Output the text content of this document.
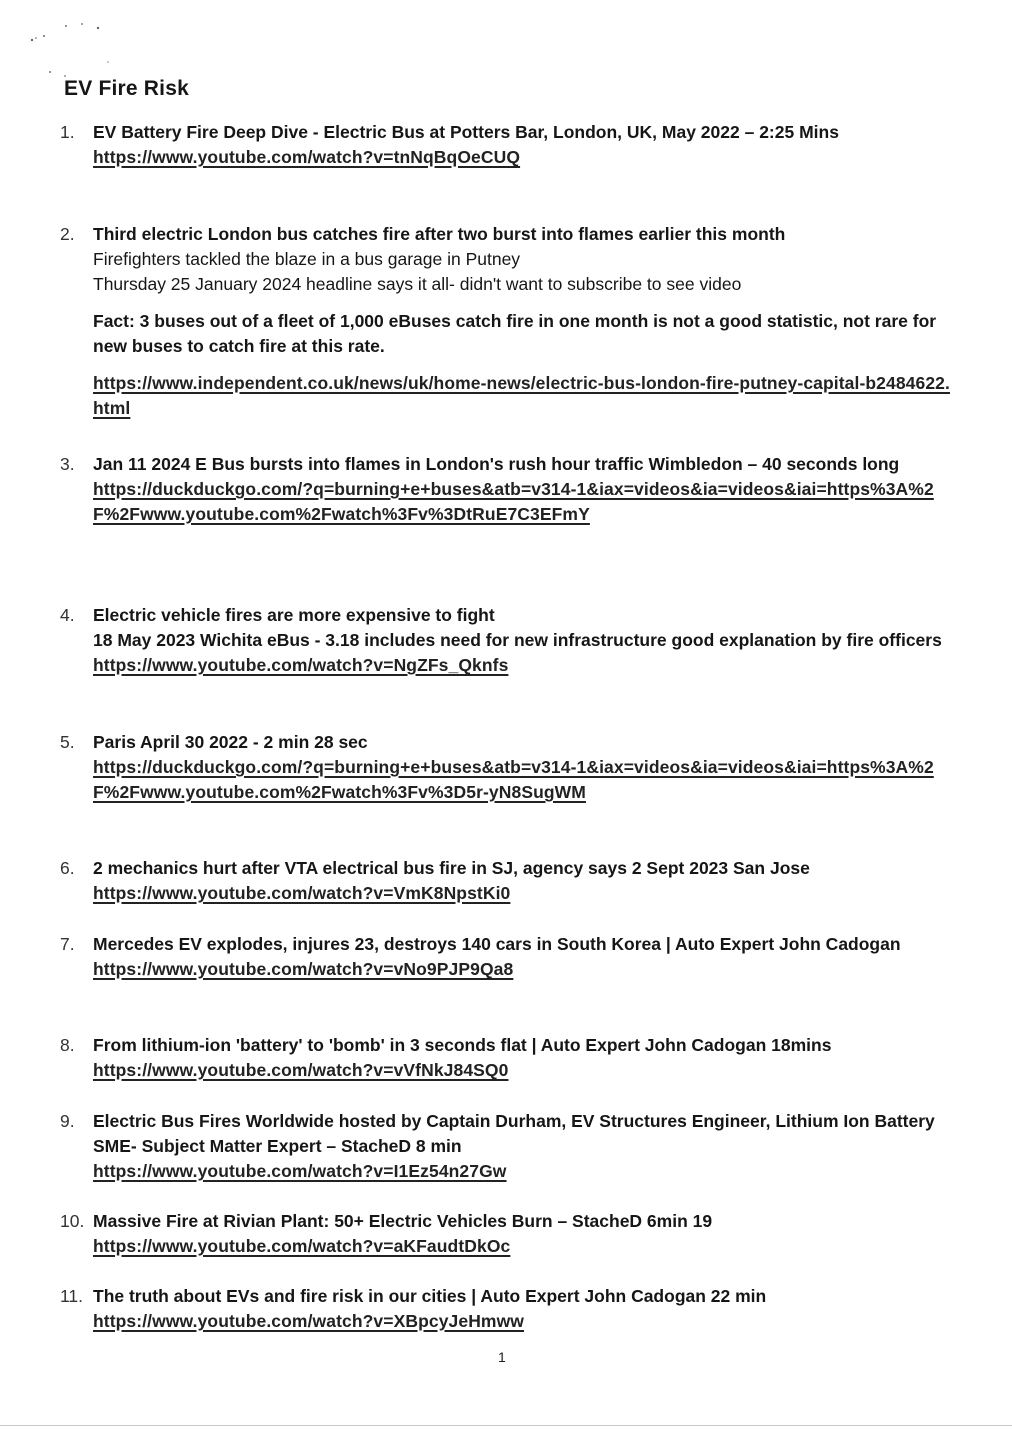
EV Fire Risk
1.	EV Battery Fire Deep Dive - Electric Bus at Potters Bar, London, UK, May 2022 – 2:25 Mins

https://www.youtube.com/watch?v=tnNqBqOeCUQ
2.	Third electric London bus catches fire after two burst into flames earlier this month

Firefighters tackled the blaze in a bus garage in Putney

Thursday 25 January 2024 headline says it all- didn't want to subscribe to see video

Fact: 3 buses out of a fleet of 1,000 eBuses catch fire in one month is not a good statistic, not rare for new buses to catch fire at this rate.

https://www.independent.co.uk/news/uk/home-news/electric-bus-london-fire-putney-capital-b2484622.html
3.	Jan 11 2024 E Bus bursts into flames in London's rush hour traffic Wimbledon – 40 seconds long

https://duckduckgo.com/?q=burning+e+buses&atb=v314-1&iax=videos&ia=videos&iai=https%3A%2F%2Fwww.youtube.com%2Fwatch%3Fv%3DtRuE7C3EFmY
4.	Electric vehicle fires are more expensive to fight

18 May 2023 Wichita eBus - 3.18 includes need for new infrastructure good explanation by fire officers

https://www.youtube.com/watch?v=NgZFs_Qknfs
5.	Paris April 30 2022 - 2 min 28 sec

https://duckduckgo.com/?q=burning+e+buses&atb=v314-1&iax=videos&ia=videos&iai=https%3A%2F%2Fwww.youtube.com%2Fwatch%3Fv%3D5r-yN8SugWM
6.	2 mechanics hurt after VTA electrical bus fire in SJ, agency says 2 Sept 2023 San Jose

https://www.youtube.com/watch?v=VmK8NpstKi0
7.	Mercedes EV explodes, injures 23, destroys 140 cars in South Korea | Auto Expert John Cadogan

https://www.youtube.com/watch?v=vNo9PJP9Qa8
8.	From lithium-ion 'battery' to 'bomb' in 3 seconds flat | Auto Expert John Cadogan 18mins

https://www.youtube.com/watch?v=vVfNkJ84SQ0
9.	Electric Bus Fires Worldwide hosted by Captain Durham, EV Structures Engineer, Lithium Ion Battery SME- Subject Matter Expert – StacheD 8 min

https://www.youtube.com/watch?v=I1Ez54n27Gw
10. Massive Fire at Rivian Plant: 50+ Electric Vehicles Burn – StacheD 6min 19

https://www.youtube.com/watch?v=aKFaudtDkOc
11. The truth about EVs and fire risk in our cities | Auto Expert John Cadogan 22 min

https://www.youtube.com/watch?v=XBpcyJeHmww
1
